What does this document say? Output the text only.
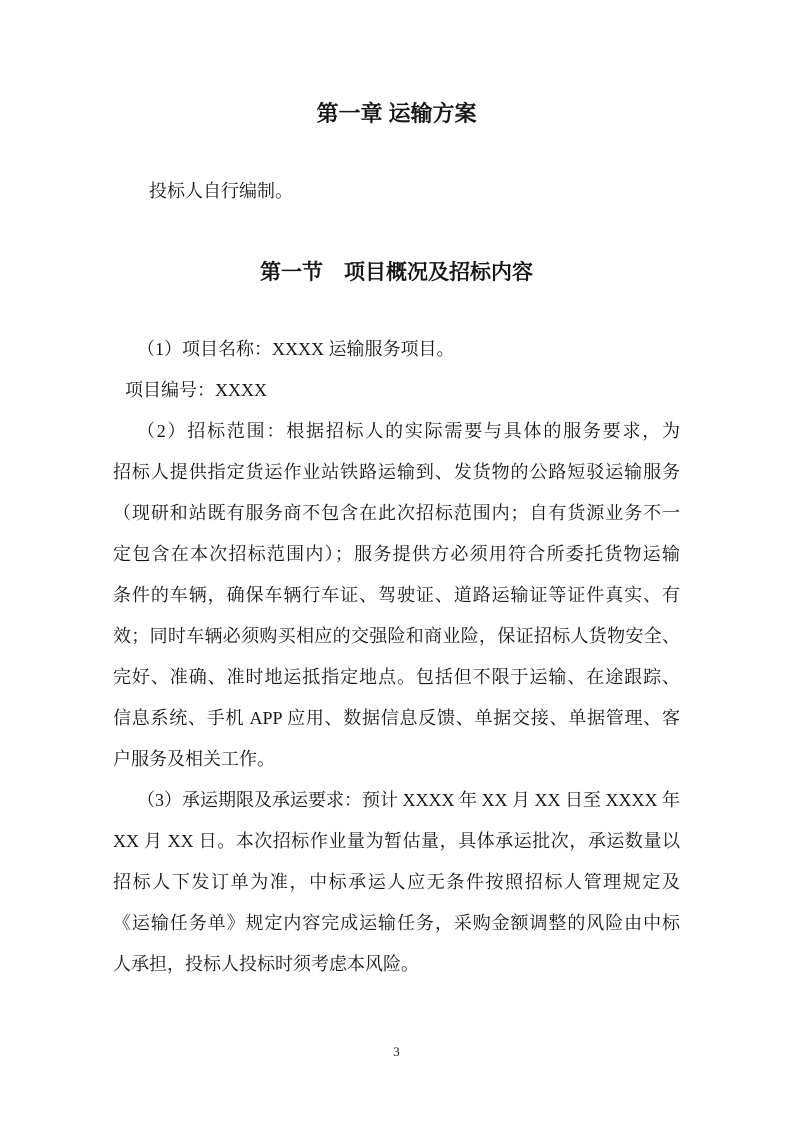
第一章 运输方案

投标人自行编制。

第一节　项目概况及招标内容
（1）项目名称：XXXX 运输服务项目。
项目编号：XXXX
（2）招标范围：根据招标人的实际需要与具体的服务要求，为
招标人提供指定货运作业站铁路运输到、发货物的公路短驳运输服务
（现研和站既有服务商不包含在此次招标范围内；自有货源业务不一
定包含在本次招标范围内）；服务提供方必须用符合所委托货物运输
条件的车辆，确保车辆行车证、驾驶证、道路运输证等证件真实、有
效；同时车辆必须购买相应的交强险和商业险，保证招标人货物安全、
完好、准确、准时地运抵指定地点。包括但不限于运输、在途跟踪、
信息系统、手机 APP 应用、数据信息反馈、单据交接、单据管理、客
户服务及相关工作。
（3）承运期限及承运要求：预计 XXXX 年 XX 月 XX 日至 XXXX 年
XX 月 XX 日。本次招标作业量为暂估量，具体承运批次，承运数量以
招标人下发订单为准，中标承运人应无条件按照招标人管理规定及
《运输任务单》规定内容完成运输任务，采购金额调整的风险由中标
人承担，投标人投标时须考虑本风险。
3
